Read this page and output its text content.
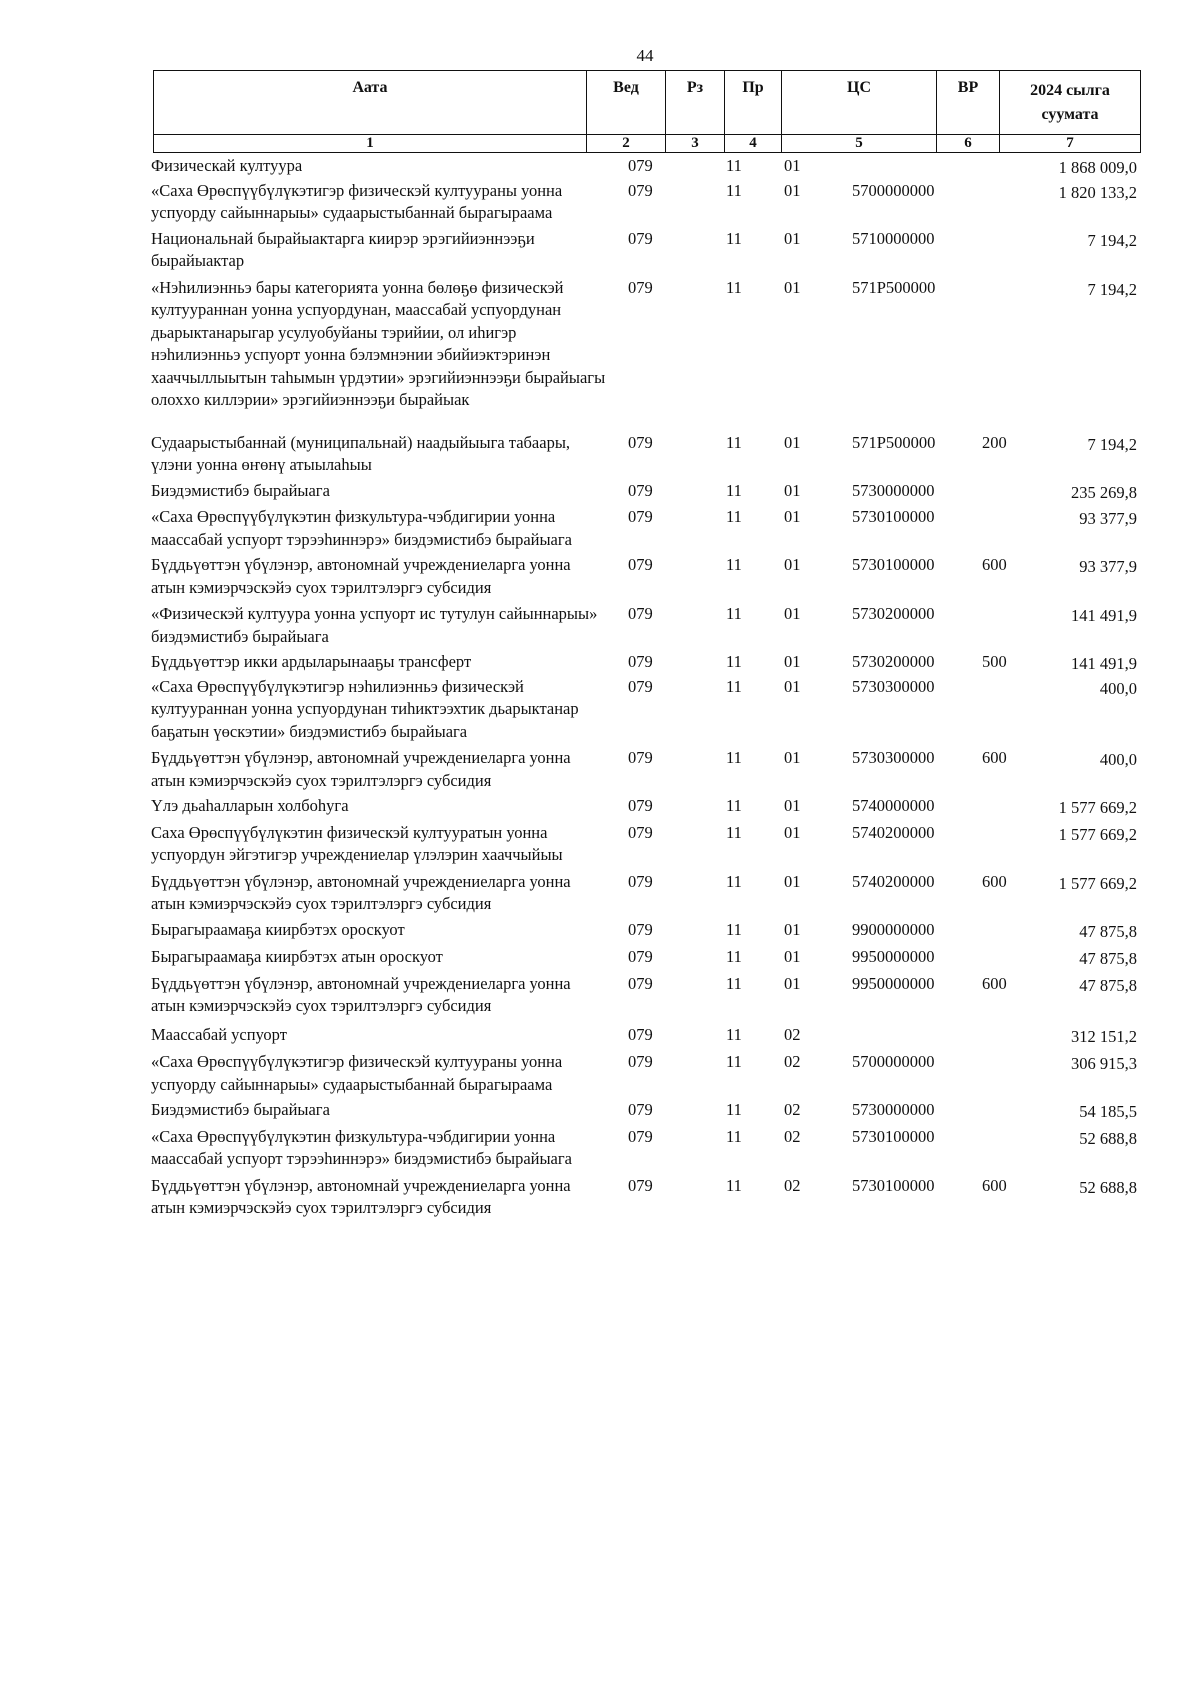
44
Аата	Вед	Рз	Пр	ЦС	ВР	2024 сылга
суумата
1	2	3	4	5	6	7
Физическай култуура	079	11	01			1 868 009,0
«Саха Өрөспүүбүлүкэтигэр физическэй култуураны уонна успуорду сайыннарыы» судаарыстыбаннай бырагыраама	079	11	01	5700000000		1 820 133,2
Национальнай бырайыактарга киирэр эрэгийиэннээҕи бырайыактар	079	11	01	5710000000		7 194,2
«Нэһилиэнньэ бары категорията уонна бөлөҕө физическэй култуураннан уонна успуордунан, маассабай успуордунан дьарыктанарыгар усулуобуйаны тэрийии, ол иһигэр нэһилиэнньэ успуорт уонна бэлэмнэнии эбийиэктэринэн хааччыллыытын таһымын үрдэтии» эрэгийиэннээҕи бырайыагы олохxo киллэрии» эрэгийиэннээҕи бырайыак	079	11	01	571P500000		7 194,2
Судаарыстыбаннай (муниципальнай) наадыйыыга табаары, үлэни уонна өҥөнү атыылаһыы	079	11	01	571P500000	200	7 194,2
Биэдэмистибэ бырайыага	079	11	01	5730000000		235 269,8
«Саха Өрөспүүбүлүкэтин физкультура-чэбдигирии уонна маассабай успуорт тэрээһиннэрэ» биэдэмистибэ бырайыага	079	11	01	5730100000		93 377,9
Бүддьүөттэн үбүлэнэр, автономнай учреждениеларга уонна атын кэмиэрчэскэйэ суох тэрилтэлэргэ субсидия	079	11	01	5730100000	600	93 377,9
«Физическэй култуура уонна успуорт ис тутулун сайыннарыы» биэдэмистибэ бырайыага	079	11	01	5730200000		141 491,9
Бүддьүөттэр икки ардыларынааҕы трансферт	079	11	01	5730200000	500	141 491,9
«Саха Өрөспүүбүлүкэтигэр нэһилиэнньэ физическэй култуураннан уонна успуордунан тиһиктээхтик дьарыктанар баҕатын үөскэтии» биэдэмистибэ бырайыага	079	11	01	5730300000		400,0
Бүддьүөттэн үбүлэнэр, автономнай учреждениеларга уонна атын кэмиэрчэскэйэ суох тэрилтэлэргэ субсидия	079	11	01	5730300000	600	400,0
Үлэ дьаһалларын холбоһуга	079	11	01	5740000000		1 577 669,2
Саха Өрөспүүбүлүкэтин физическэй култууратын уонна успуордун эйгэтигэр учреждениелар үлэлэрин хааччыйыы	079	11	01	5740200000		1 577 669,2
Бүддьүөттэн үбүлэнэр, автономнай учреждениеларга уонна атын кэмиэрчэскэйэ суох тэрилтэлэргэ субсидия	079	11	01	5740200000	600	1 577 669,2
Бырагыраамаҕа киирбэтэх ороскуот	079	11	01	9900000000		47 875,8
Бырагыраамаҕа киирбэтэх атын ороскуот	079	11	01	9950000000		47 875,8
Бүддьүөттэн үбүлэнэр, автономнай учреждениеларга уонна атын кэмиэрчэскэйэ суох тэрилтэлэргэ субсидия	079	11	01	9950000000	600	47 875,8
Маассабай успуорт	079	11	02			312 151,2
«Саха Өрөспүүбүлүкэтигэр физическэй култуураны уонна успуорду сайыннарыы» судаарыстыбаннай бырагыраама	079	11	02	5700000000		306 915,3
Биэдэмистибэ бырайыага	079	11	02	5730000000		54 185,5
«Саха Өрөспүүбүлүкэтин физкультура-чэбдигирии уонна маассабай успуорт тэрээһиннэрэ» биэдэмистибэ бырайыага	079	11	02	5730100000		52 688,8
Бүддьүөттэн үбүлэнэр, автономнай учреждениеларга уонна атын кэмиэрчэскэйэ суох тэрилтэлэргэ субсидия	079	11	02	5730100000	600	52 688,8
